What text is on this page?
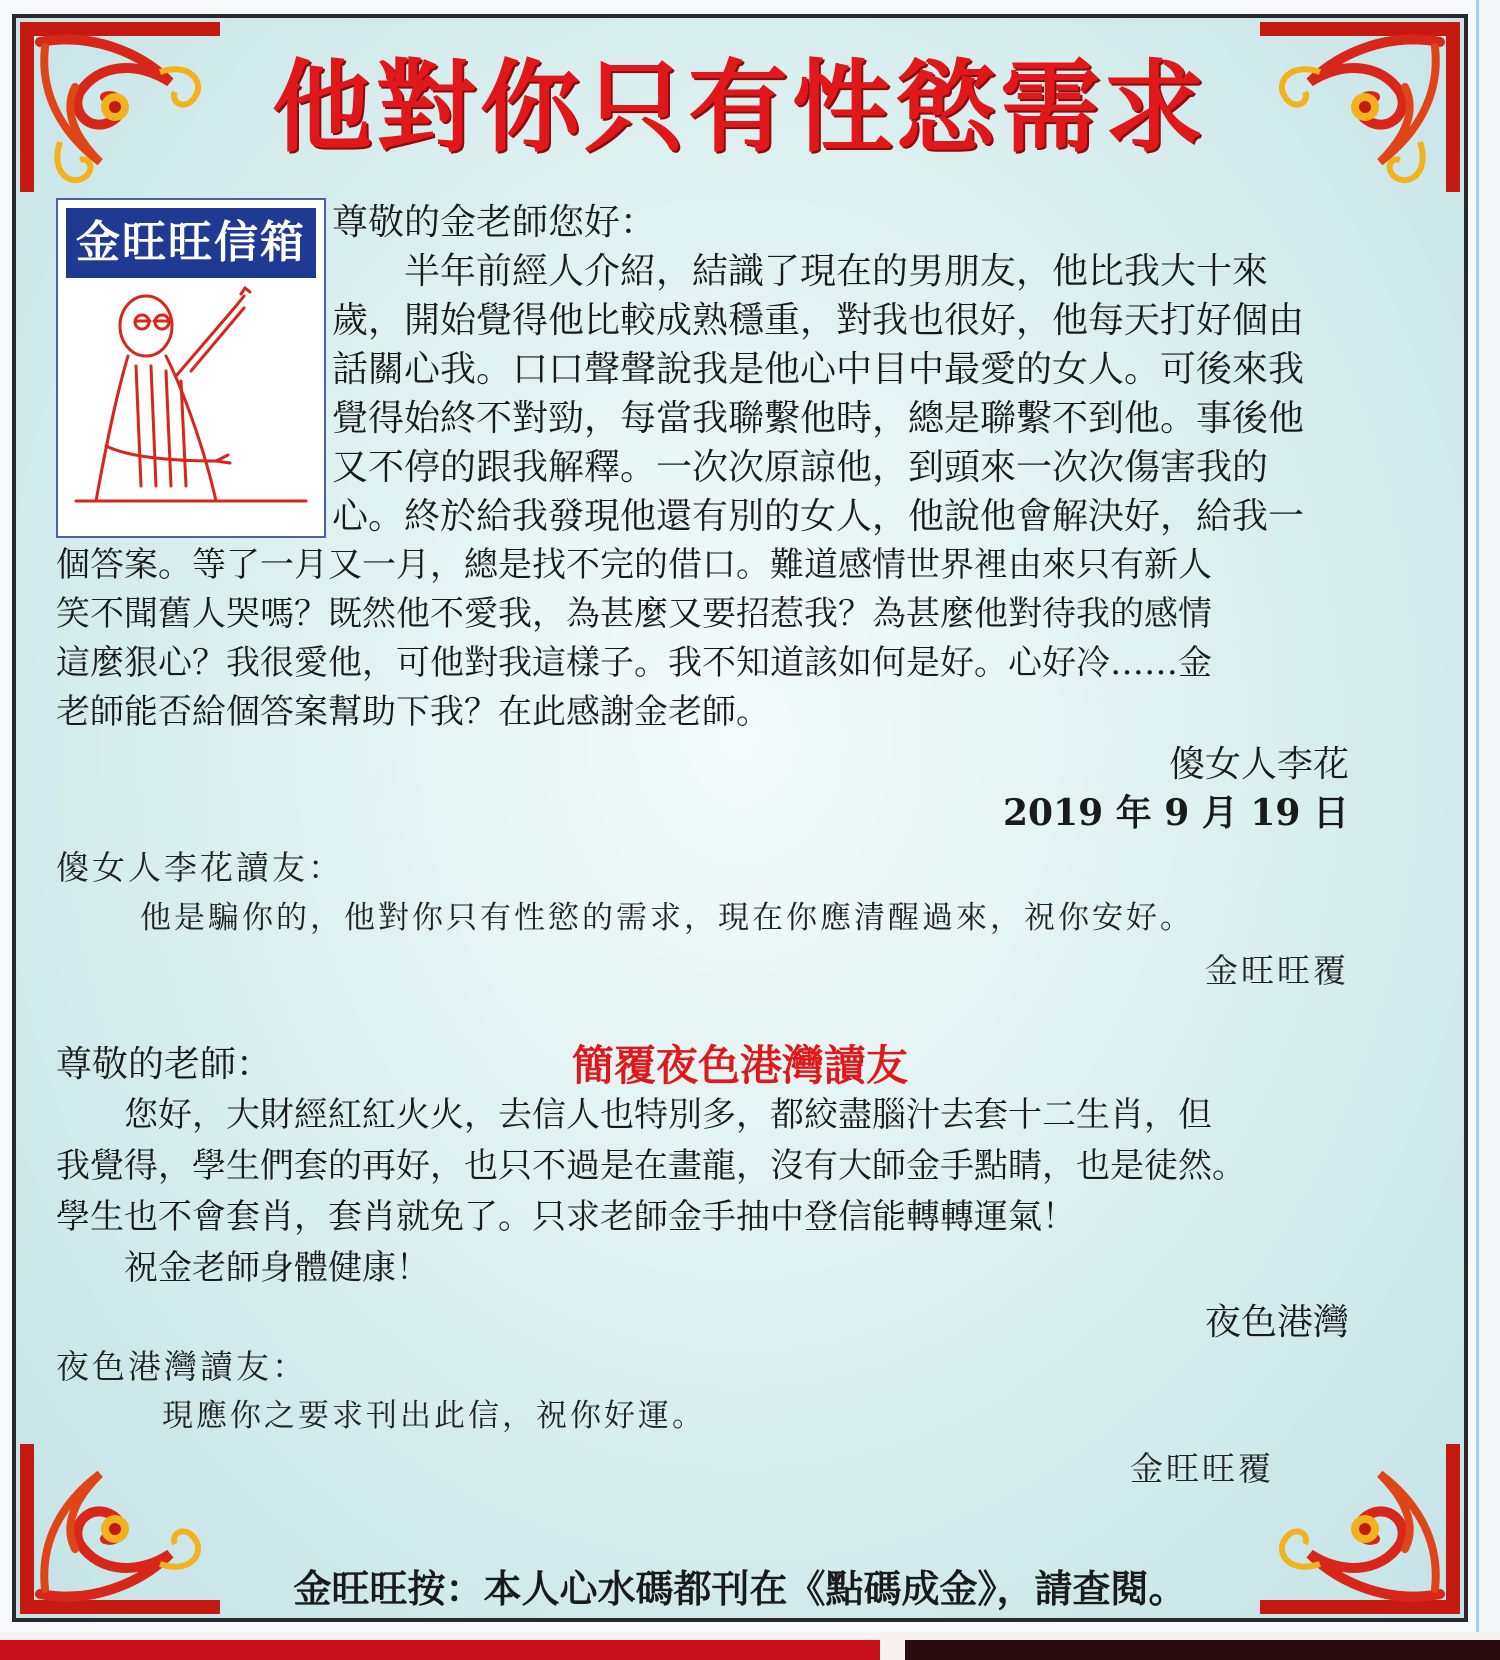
他對你只有性慾需求
金旺旺信箱 尊敬的金老師您好：
　　半年前經人介紹，結識了現在的男朋友，他比我大十來
歲，開始覺得他比較成熟穩重，對我也很好，他每天打好個由
話關心我。口口聲聲說我是他心中目中最愛的女人。可後來我
覺得始終不對勁，每當我聯繫他時，總是聯繫不到他。事後他
又不停的跟我解釋。一次次原諒他，到頭來一次次傷害我的
心。終於給我發現他還有別的女人，他說他會解決好，給我一
個答案。等了一月又一月，總是找不完的借口。難道感情世界裡由來只有新人
笑不聞舊人哭嗎？既然他不愛我，為甚麼又要招惹我？為甚麼他對待我的感情
這麼狠心？我很愛他，可他對我這樣子。我不知道該如何是好。心好冷……金
老師能否給個答案幫助下我？在此感謝金老師。
傻女人李花
2019 年 9 月 19 日
傻女人李花讀友：
他是騙你的，他對你只有性慾的需求，現在你應清醒過來，祝你安好。
金旺旺覆
簡覆夜色港灣讀友
尊敬的老師：
　　您好，大財經紅紅火火，去信人也特別多，都絞盡腦汁去套十二生肖，但
我覺得，學生們套的再好，也只不過是在畫龍，沒有大師金手點睛，也是徒然。
學生也不會套肖，套肖就免了。只求老師金手抽中登信能轉轉運氣！
　　祝金老師身體健康！
夜色港灣
夜色港灣讀友：
現應你之要求刊出此信，祝你好運。
金旺旺覆
金旺旺按：本人心水碼都刊在《點碼成金》，請查閱。
